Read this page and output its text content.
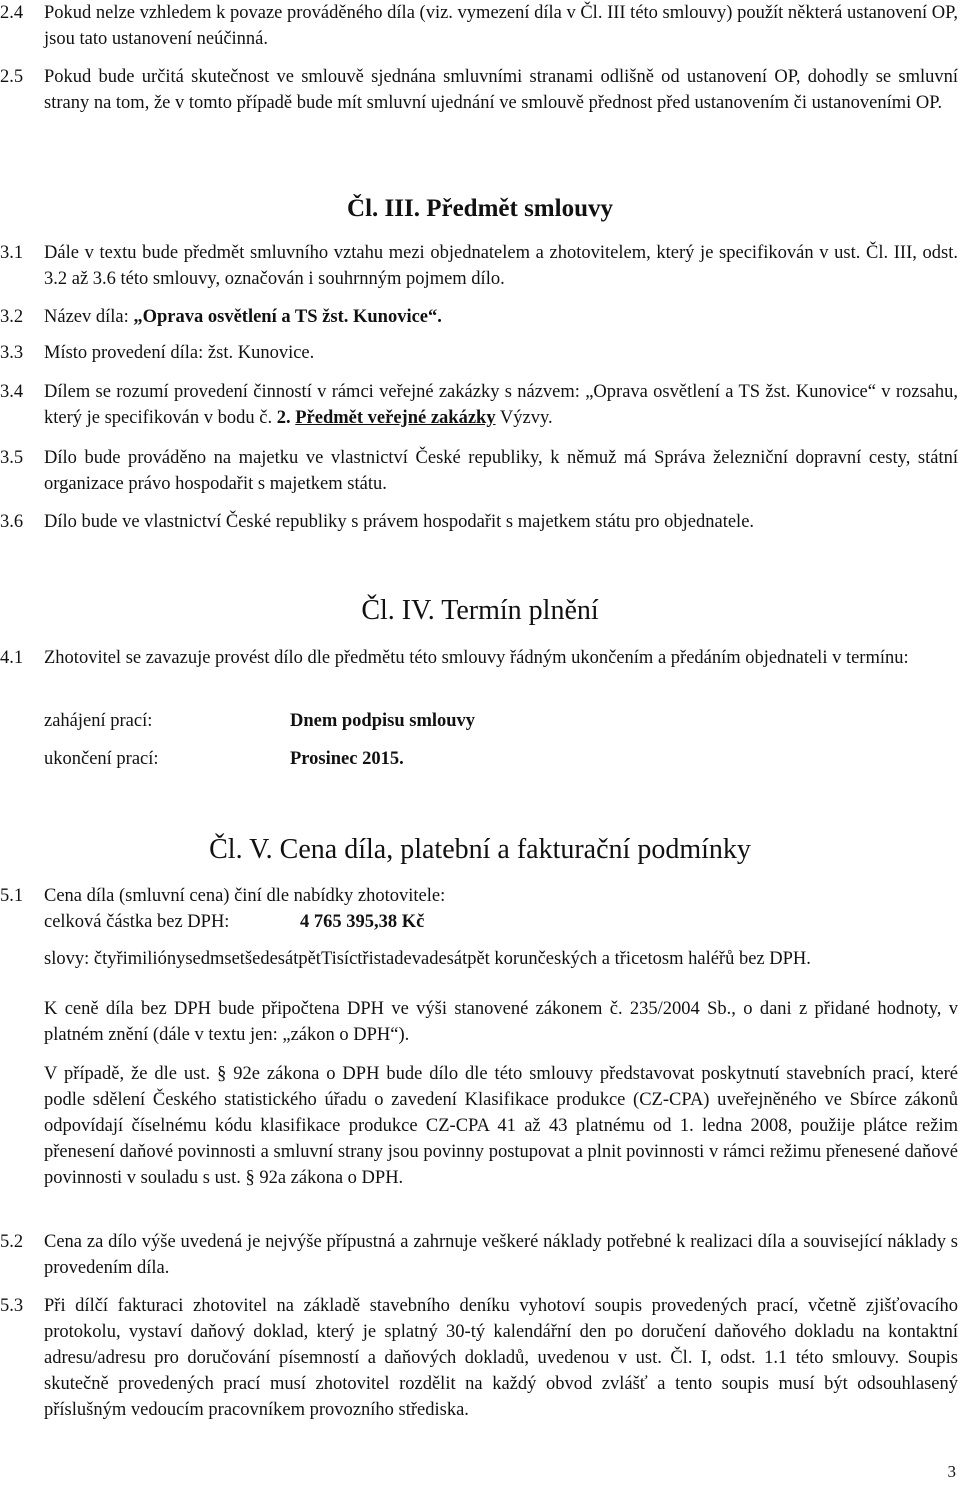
2.4 Pokud nelze vzhledem k povaze prováděného díla (viz. vymezení díla v Čl. III této smlouvy) použít některá ustanovení OP, jsou tato ustanovení neúčinná.
2.5 Pokud bude určitá skutečnost ve smlouvě sjednána smluvními stranami odlišně od ustanovení OP, dohodly se smluvní strany na tom, že v tomto případě bude mít smluvní ujednání ve smlouvě přednost před ustanovením či ustanoveními OP.
Čl. III. Předmět smlouvy
3.1 Dále v textu bude předmět smluvního vztahu mezi objednatelem a zhotovitelem, který je specifikován v ust. Čl. III, odst. 3.2 až 3.6 této smlouvy, označován i souhrnným pojmem dílo.
3.2 Název díla: „Oprava osvětlení a TS žst. Kunovice“.
3.3 Místo provedení díla: žst. Kunovice.
3.4 Dílem se rozumí provedení činností v rámci veřejné zakázky s názvem: „Oprava osvětlení a TS žst. Kunovice“ v rozsahu, který je specifikován v bodu č. 2. Předmět veřejné zakázky Výzvy.
3.5 Dílo bude prováděno na majetku ve vlastnictví České republiky, k němuž má Správa železniční dopravní cesty, státní organizace právo hospodařit s majetkem státu.
3.6 Dílo bude ve vlastnictví České republiky s právem hospodařit s majetkem státu pro objednatele.
Čl. IV. Termín plnění
4.1 Zhotovitel se zavazuje provést dílo dle předmětu této smlouvy řádným ukončením a předáním objednateli v termínu:
zahájení prací:	Dnem podpisu smlouvy
ukončení prací:	Prosinec 2015.
Čl. V. Cena díla, platební a fakturační podmínky
5.1 Cena díla (smluvní cena) činí dle nabídky zhotovitele:
celková částka bez DPH:	4 765 395,38 Kč
slovy: čtyřimiliónysedmsetšedesátpětTisíctřistadevadesátpět korunčeských a třicetosm haléřů bez DPH.
K ceně díla bez DPH bude připočtena DPH ve výši stanovené zákonem č. 235/2004 Sb., o dani z přidané hodnoty, v platném znění (dále v textu jen: „zákon o DPH“).
V případě, že dle ust. § 92e zákona o DPH bude dílo dle této smlouvy představovat poskytnutí stavebních prací, které podle sdělení Českého statistického úřadu o zavedení Klasifikace produkce (CZ-CPA) uveřejněného ve Sbírce zákonů odpovídají číselnému kódu klasifikace produkce CZ-CPA 41 až 43 platnému od 1. ledna 2008, použije plátce režim přenesení daňové povinnosti a smluvní strany jsou povinny postupovat a plnit povinnosti v rámci režimu přenesené daňové povinnosti v souladu s ust. § 92a zákona o DPH.
5.2 Cena za dílo výše uvedená je nejvýše přípustná a zahrnuje veškeré náklady potřebné k realizaci díla a související náklady s provedením díla.
5.3 Při dílčí fakturaci zhotovitel na základě stavebního deníku vyhotoví soupis provedených prací, včetně zjišťovacího protokolu, vystaví daňový doklad, který je splatný 30-tý kalendářní den po doručení daňového dokladu na kontaktní adresu/adresu pro doručování písemností a daňových dokladů, uvedenou v ust. Čl. I, odst. 1.1 této smlouvy. Soupis skutečně provedených prací musí zhotovitel rozdělit na každý obvod zvlášť a tento soupis musí být odsouhlasený příslušným vedoucím pracovníkem provozního střediska.
3
